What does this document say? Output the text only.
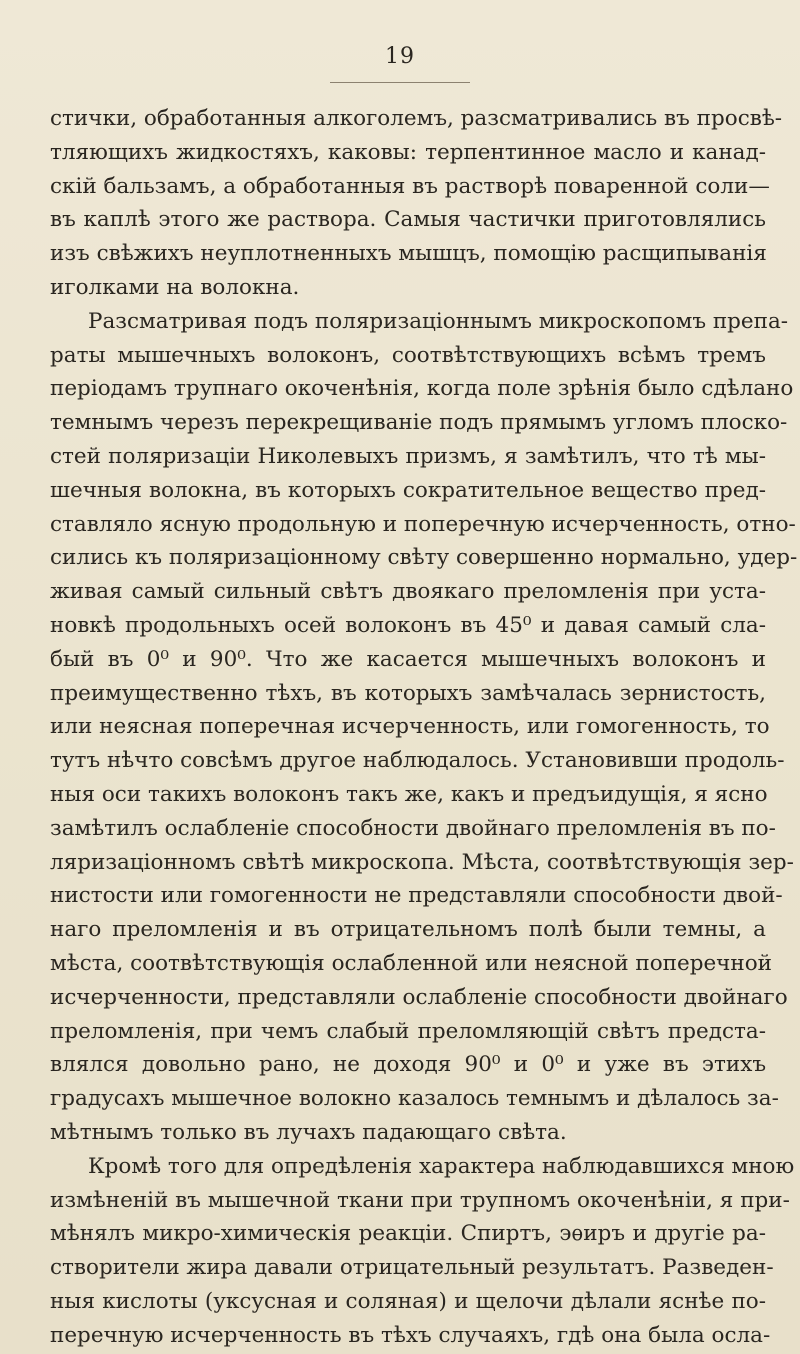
19
стички, обработанныя алкоголемъ, разсматривались въ просвѣ-
тляющихъ жидкостяхъ, каковы: терпентинное масло и канад-
скій бальзамъ, а обработанныя въ растворѣ поваренной соли—
въ каплѣ этого же раствора. Самыя частички приготовлялись
изъ свѣжихъ неуплотненныхъ мышцъ, помощію расщипыванія
иголками на волокна.
Разсматривая подъ поляризаціоннымъ микроскопомъ препа-
раты мышечныхъ волоконъ, соотвѣтствующихъ всѣмъ тремъ
періодамъ трупнаго окоченѣнія, когда поле зрѣнія было сдѣлано
темнымъ черезъ перекрещиваніе подъ прямымъ угломъ плоско-
стей поляризаціи Николевыхъ призмъ, я замѣтилъ, что тѣ мы-
шечныя волокна, въ которыхъ сократительное вещество пред-
ставляло ясную продольную и поперечную исчерченность, отно-
сились къ поляризаціонному свѣту совершенно нормально, удер-
живая самый сильный свѣтъ двоякаго преломленія при уста-
новкѣ продольныхъ осей волоконъ въ 45⁰ и давая самый сла-
бый въ 0⁰ и 90⁰. Что же касается мышечныхъ волоконъ и
преимущественно тѣхъ, въ которыхъ замѣчалась зернистость,
или неясная поперечная исчерченность, или гомогенность, то
тутъ нѣчто совсѣмъ другое наблюдалось. Установивши продоль-
ныя оси такихъ волоконъ такъ же, какъ и предъидущія, я ясно
замѣтилъ ослабленіе способности двойнаго преломленія въ по-
ляризаціонномъ свѣтѣ микроскопа. Мѣста, соотвѣтствующія зер-
нистости или гомогенности не представляли способности двой-
наго преломленія и въ отрицательномъ полѣ были темны, а
мѣста, соотвѣтствующія ослабленной или неясной поперечной
исчерченности, представляли ослабленіе способности двойнаго
преломленія, при чемъ слабый преломляющій свѣтъ предста-
влялся довольно рано, не доходя 90⁰ и 0⁰ и уже въ этихъ
градусахъ мышечное волокно казалось темнымъ и дѣлалось за-
мѣтнымъ только въ лучахъ падающаго свѣта.
Кромѣ того для опредѣленія характера наблюдавшихся мною
измѣненій въ мышечной ткани при трупномъ окоченѣніи, я при-
мѣнялъ микро-химическія реакціи. Спиртъ, эѳиръ и другіе ра-
створители жира давали отрицательный результатъ. Разведен-
ныя кислоты (уксусная и соляная) и щелочи дѣлали яснѣе по-
перечную исчерченность въ тѣхъ случаяхъ, гдѣ она была осла-
